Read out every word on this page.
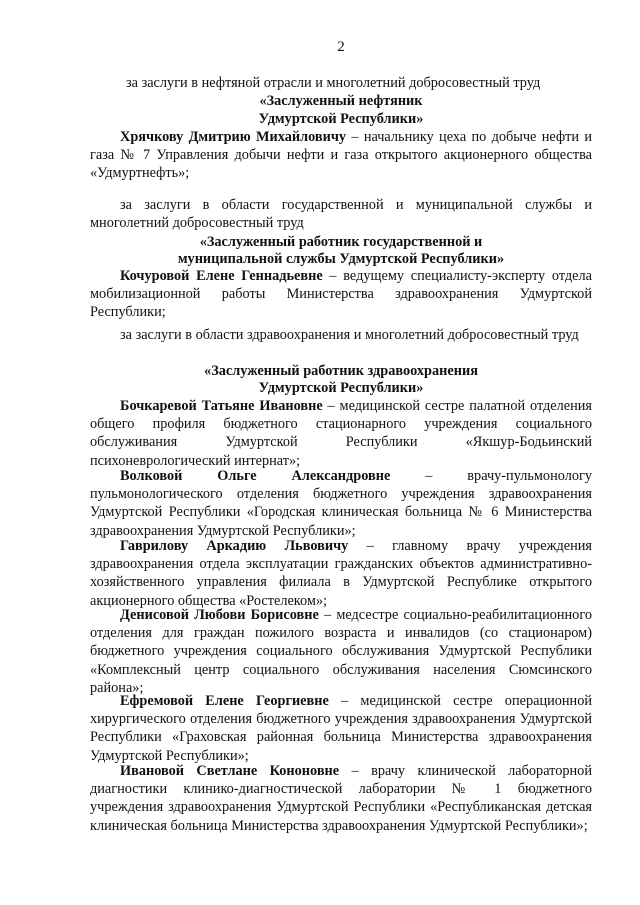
2

за заслуги в нефтяной отрасли и многолетний добросовестный труд

«Заслуженный нефтяник

Удмуртской Республики»

Хрячкову Дмитрию Михайловичу – начальнику цеха по добыче нефти и газа № 7 Управления добычи нефти и газа открытого акционерного общества «Удмуртнефть»;

за заслуги в области государственной и муниципальной службы и многолетний добросовестный труд

«Заслуженный работник государственной и

муниципальной службы Удмуртской Республики»

Кочуровой Елене Геннадьевне – ведущему специалисту-эксперту отдела мобилизационной работы Министерства здравоохранения Удмуртской Республики;

за заслуги в области здравоохранения и многолетний добросовестный труд

«Заслуженный работник здравоохранения

Удмуртской Республики»

Бочкаревой Татьяне Ивановне – медицинской сестре палатной отделения общего профиля бюджетного стационарного учреждения социального обслуживания Удмуртской Республики «Якшур-Бодьинский психоневрологический интернат»;

Волковой Ольге Александровне – врачу-пульмонологу пульмонологического отделения бюджетного учреждения здравоохранения Удмуртской Республики «Городская клиническая больница № 6 Министерства здравоохранения Удмуртской Республики»;

Гаврилову Аркадию Львовичу – главному врачу учреждения здравоохранения отдела эксплуатации гражданских объектов административно-хозяйственного управления филиала в Удмуртской Республике открытого акционерного общества «Ростелеком»;

Денисовой Любови Борисовне – медсестре социально-реабилитационного отделения для граждан пожилого возраста и инвалидов (со стационаром) бюджетного учреждения социального обслуживания Удмуртской Республики «Комплексный центр социального обслуживания населения Сюмсинского района»;

Ефремовой Елене Георгиевне – медицинской сестре операционной хирургического отделения бюджетного учреждения здравоохранения Удмуртской Республики «Граховская районная больница Министерства здравоохранения Удмуртской Республики»;

Ивановой Светлане Кононовне – врачу клинической лабораторной диагностики клинико-диагностической лаборатории № 1 бюджетного учреждения здравоохранения Удмуртской Республики «Республиканская детская клиническая больница Министерства здравоохранения Удмуртской Республики»;
